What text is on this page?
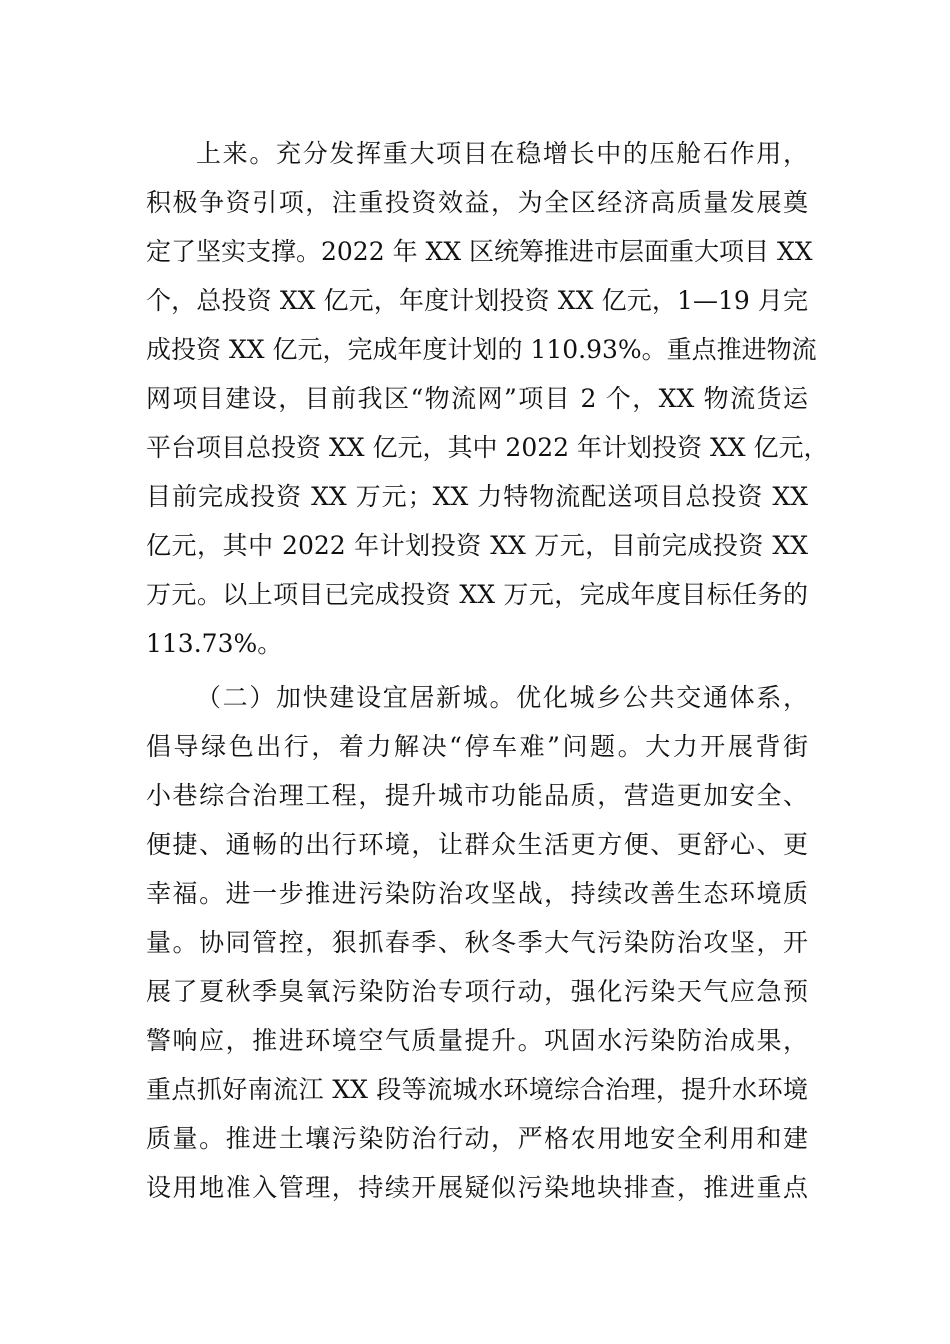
上来。充分发挥重大项目在稳增长中的压舱石作用，
积极争资引项，注重投资效益，为全区经济高质量发展奠
定了坚实支撑。2022 年 XX 区统筹推进市层面重大项目 XX
个，总投资 XX 亿元，年度计划投资 XX 亿元，1—19 月完
成投资 XX 亿元，完成年度计划的 110.93%。重点推进物流
网项目建设，目前我区“物流网”项目 2 个，XX 物流货运
平台项目总投资 XX 亿元，其中 2022 年计划投资 XX 亿元，
目前完成投资 XX 万元；XX 力特物流配送项目总投资 XX
亿元，其中 2022 年计划投资 XX 万元，目前完成投资 XX
万元。以上项目已完成投资 XX 万元，完成年度目标任务的
113.73%。
（二）加快建设宜居新城。优化城乡公共交通体系，
倡导绿色出行，着力解决“停车难”问题。大力开展背街
小巷综合治理工程，提升城市功能品质，营造更加安全、
便捷、通畅的出行环境，让群众生活更方便、更舒心、更
幸福。进一步推进污染防治攻坚战，持续改善生态环境质
量。协同管控，狠抓春季、秋冬季大气污染防治攻坚，开
展了夏秋季臭氧污染防治专项行动，强化污染天气应急预
警响应，推进环境空气质量提升。巩固水污染防治成果，
重点抓好南流江 XX 段等流城水环境综合治理，提升水环境
质量。推进土壤污染防治行动，严格农用地安全利用和建
设用地准入管理，持续开展疑似污染地块排查，推进重点
